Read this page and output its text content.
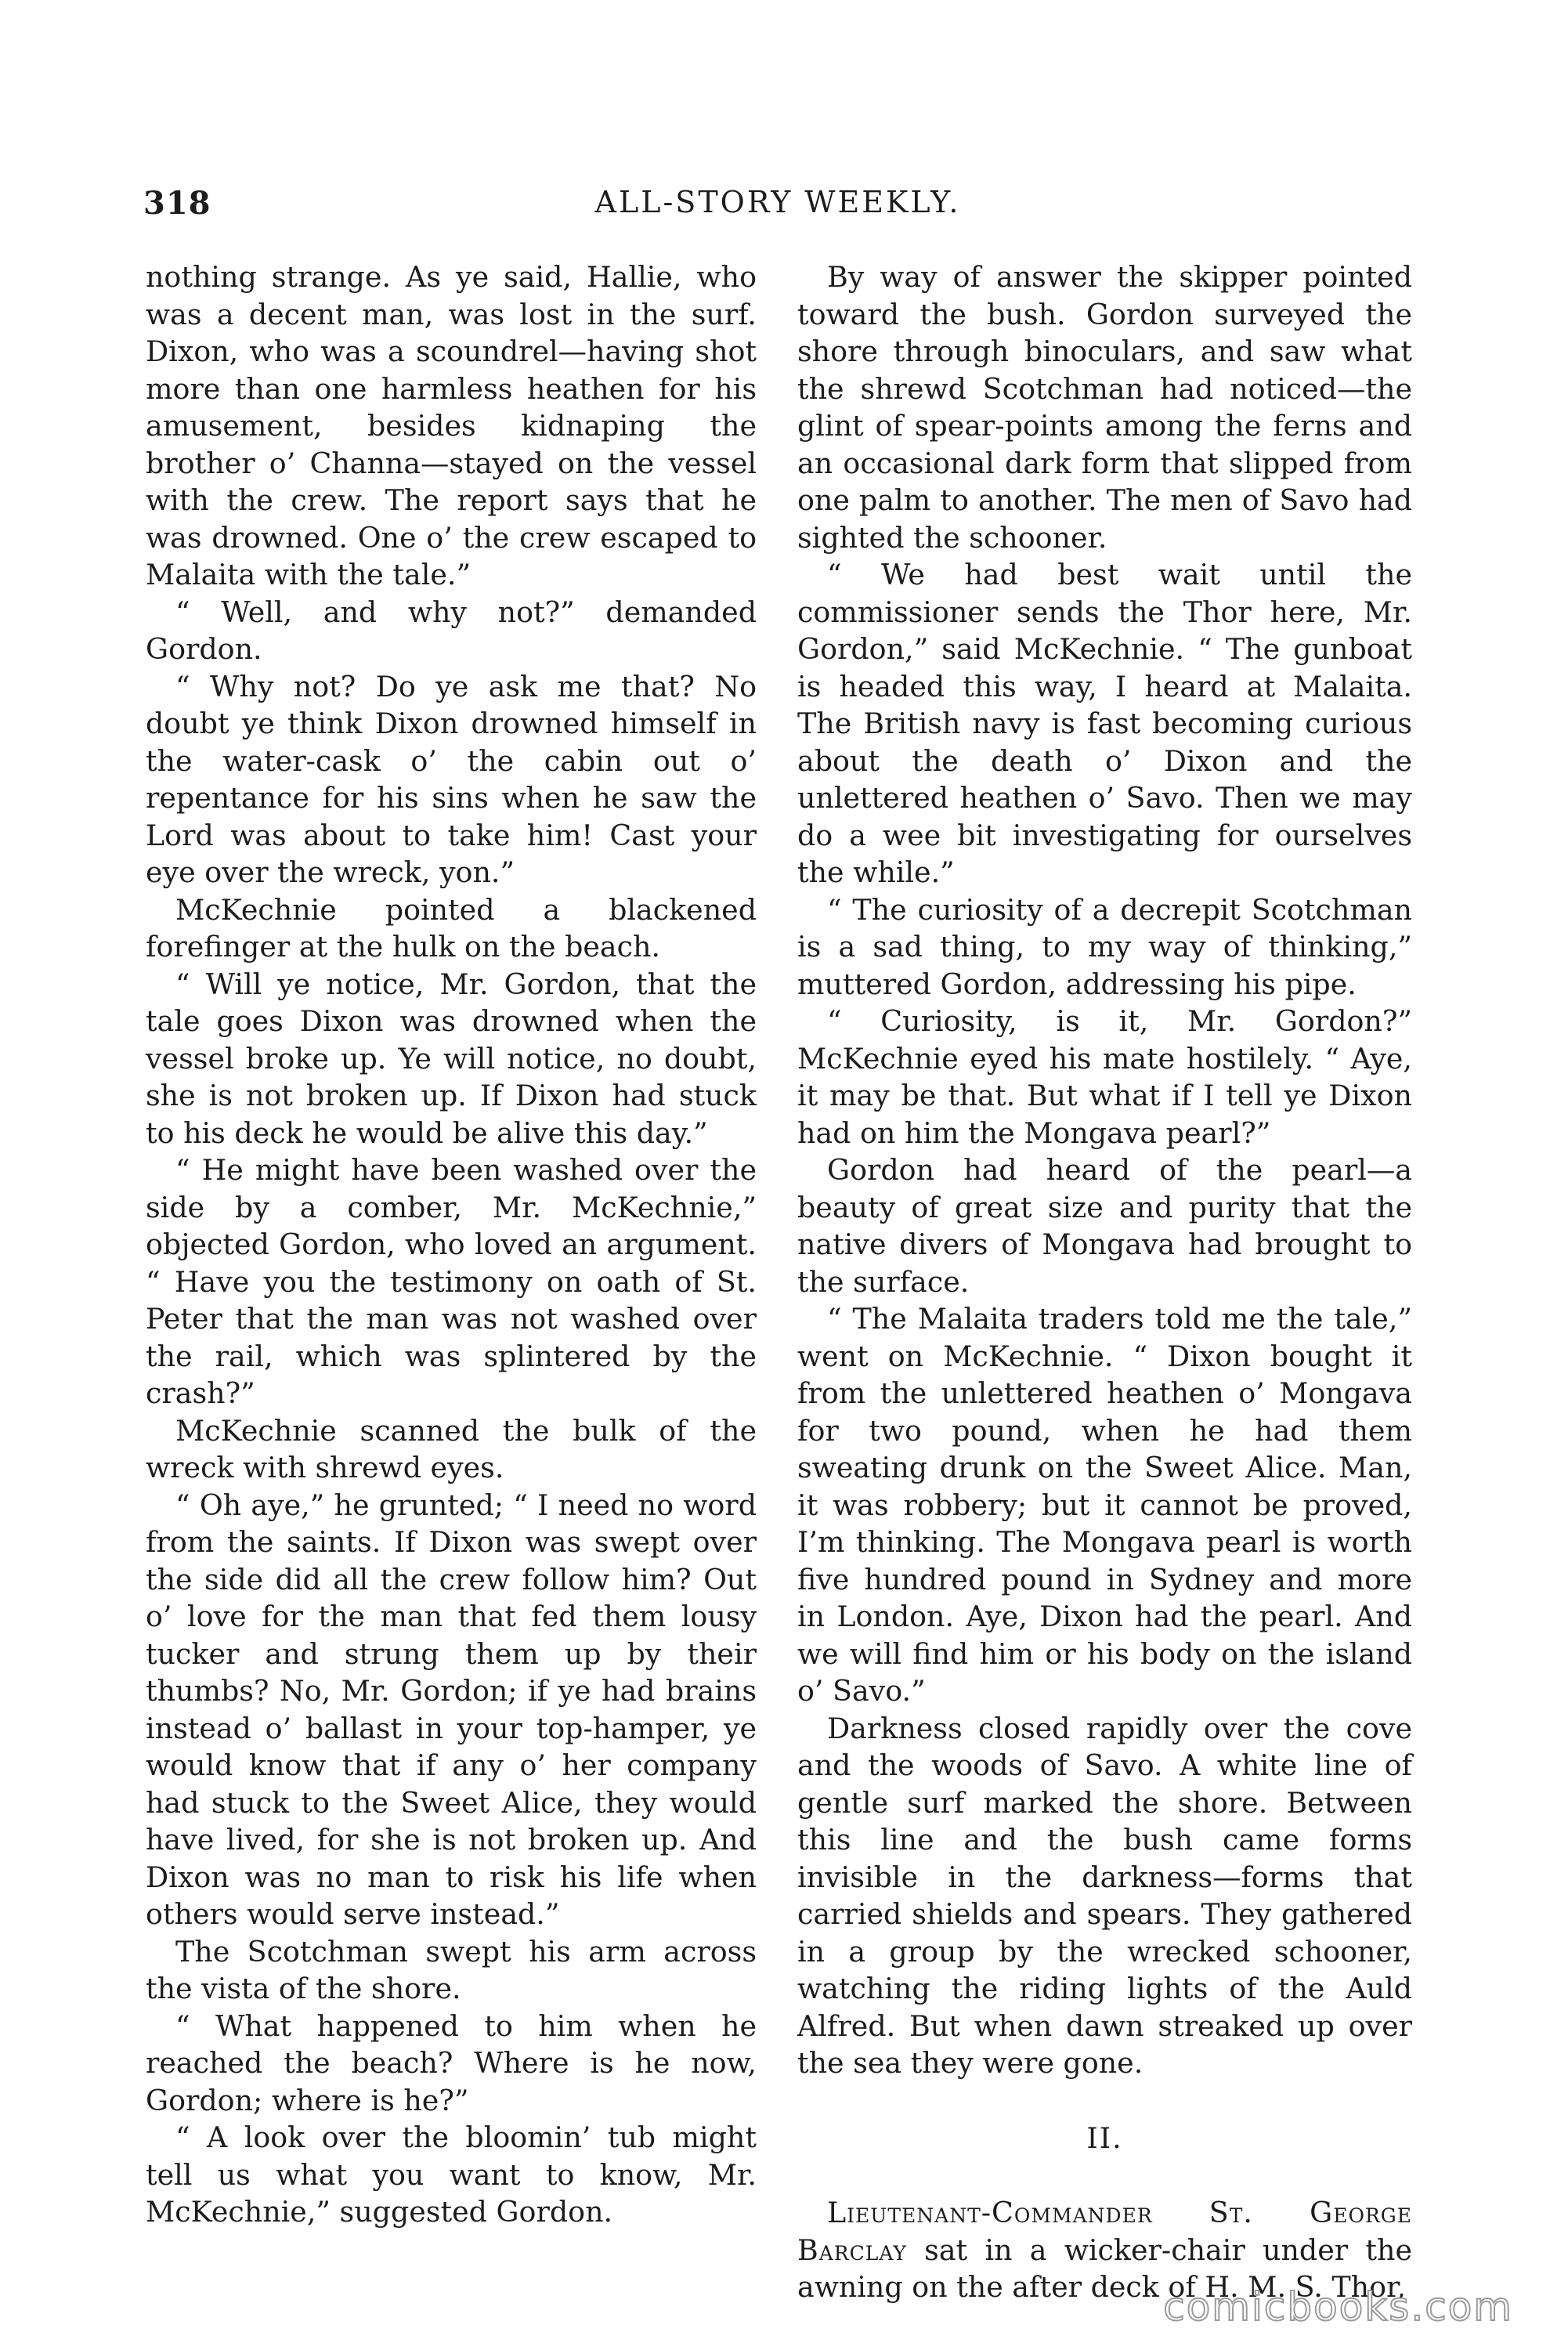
ALL-STORY WEEKLY.
318

nothing strange. As ye said, Hallie, who was a decent man, was lost in the surf. Dixon, who was a scoundrel—having shot more than one harmless heathen for his amusement, besides kidnaping the brother o’ Channa—stayed on the vessel with the crew. The report says that he was drowned. One o’ the crew escaped to Malaita with the tale.”

“ Well, and why not?” demanded Gordon.

“ Why not? Do ye ask me that? No doubt ye think Dixon drowned himself in the water-cask o’ the cabin out o’ repentance for his sins when he saw the Lord was about to take him! Cast your eye over the wreck, yon.”

McKechnie pointed a blackened forefinger at the hulk on the beach.

“ Will ye notice, Mr. Gordon, that the tale goes Dixon was drowned when the vessel broke up. Ye will notice, no doubt, she is not broken up. If Dixon had stuck to his deck he would be alive this day.”

“ He might have been washed over the side by a comber, Mr. McKechnie,” objected Gordon, who loved an argument. “ Have you the testimony on oath of St. Peter that the man was not washed over the rail, which was splintered by the crash?”

McKechnie scanned the bulk of the wreck with shrewd eyes.

“ Oh aye,” he grunted; “ I need no word from the saints. If Dixon was swept over the side did all the crew follow him? Out o’ love for the man that fed them lousy tucker and strung them up by their thumbs? No, Mr. Gordon; if ye had brains instead o’ ballast in your top-hamper, ye would know that if any o’ her company had stuck to the Sweet Alice, they would have lived, for she is not broken up. And Dixon was no man to risk his life when others would serve instead.”

The Scotchman swept his arm across the vista of the shore.

“ What happened to him when he reached the beach? Where is he now, Gordon; where is he?”

“ A look over the bloomin’ tub might tell us what you want to know, Mr. McKechnie,” suggested Gordon.

By way of answer the skipper pointed toward the bush. Gordon surveyed the shore through binoculars, and saw what the shrewd Scotchman had noticed—the glint of spear-points among the ferns and an occasional dark form that slipped from one palm to another. The men of Savo had sighted the schooner.

“ We had best wait until the commissioner sends the Thor here, Mr. Gordon,” said McKechnie. “ The gunboat is headed this way, I heard at Malaita. The British navy is fast becoming curious about the death o’ Dixon and the unlettered heathen o’ Savo. Then we may do a wee bit investigating for ourselves the while.”

“ The curiosity of a decrepit Scotchman is a sad thing, to my way of thinking,” muttered Gordon, addressing his pipe.

“ Curiosity, is it, Mr. Gordon?” McKechnie eyed his mate hostilely. “ Aye, it may be that. But what if I tell ye Dixon had on him the Mongava pearl?”

Gordon had heard of the pearl—a beauty of great size and purity that the native divers of Mongava had brought to the surface.

“ The Malaita traders told me the tale,” went on McKechnie. “ Dixon bought it from the unlettered heathen o’ Mongava for two pound, when he had them sweating drunk on the Sweet Alice. Man, it was robbery; but it cannot be proved, I’m thinking. The Mongava pearl is worth five hundred pound in Sydney and more in London. Aye, Dixon had the pearl. And we will find him or his body on the island o’ Savo.”

Darkness closed rapidly over the cove and the woods of Savo. A white line of gentle surf marked the shore. Between this line and the bush came forms invisible in the darkness—forms that carried shields and spears. They gathered in a group by the wrecked schooner, watching the riding lights of the Auld Alfred. But when dawn streaked up over the sea they were gone.

II.

Lieutenant-Commander St. George Barclay sat in a wicker-chair under the awning on the after deck of H. M. S. Thor,

comicbooks.com
